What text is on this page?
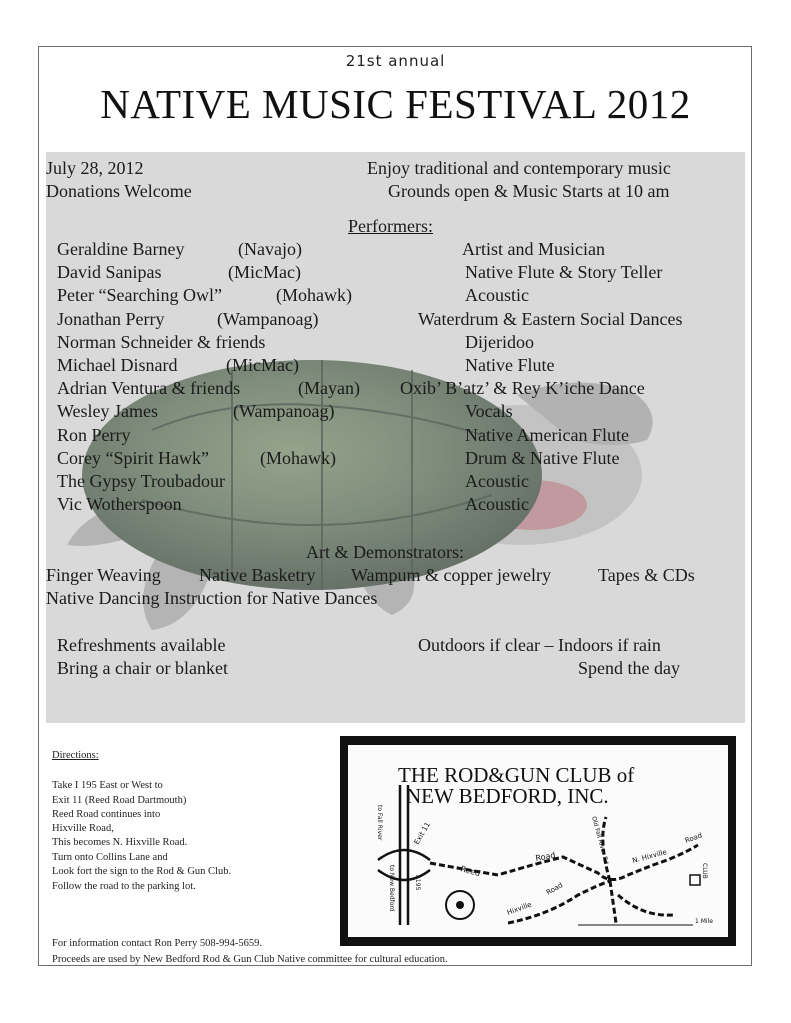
21st annual
NATIVE MUSIC FESTIVAL 2012
July 28, 2012
Donations Welcome
Enjoy traditional and contemporary music
Grounds open & Music Starts at 10 am
Performers:
Geraldine Barney	(Navajo)	Artist and Musician
David Sanipas	(MicMac)	Native Flute & Story Teller
Peter “Searching Owl”	(Mohawk)	Acoustic
Jonathan Perry	(Wampanoag)	Waterdrum & Eastern Social Dances
Norman Schneider & friends	Dijeridoo
Michael Disnard	(MicMac)	Native Flute
Adrian Ventura & friends	(Mayan) Oxib’ B’atz’ & Rey K’iche Dance
Wesley James	(Wampanoag)	Vocals
Ron Perry	Native American Flute
Corey “Spirit Hawk”	(Mohawk)	Drum & Native Flute
The Gypsy Troubadour	Acoustic
Vic Wotherspoon	Acoustic
Art & Demonstrators:
Finger Weaving Native Basketry Wampum & copper jewelry	Tapes & CDs
Native Dancing Instruction for Native Dances
Refreshments available
Bring a chair or blanket
Outdoors if clear – Indoors if rain
Spend the day
Directions:
Take I 195 East or West to
Exit 11 (Reed Road Dartmouth)
Reed Road continues into
Hixville Road,
This becomes N. Hixville Road.
Turn onto Collins Lane and
Look fort the sign to the Rod & Gun Club.
Follow the road to the parking lot.
For information contact Ron Perry 508-994-5659.
Proceeds are used by New Bedford Rod & Gun Club Native committee for cultural education.
THE ROD&GUN CLUB of
NEW BEDFORD, INC.
Exit 11
Reed
Road
Hixville
Road
N. Hixville
Road
Old Fall River Rd
I-195
to New Bedford
to Fall River
CLUB
1 Mile
